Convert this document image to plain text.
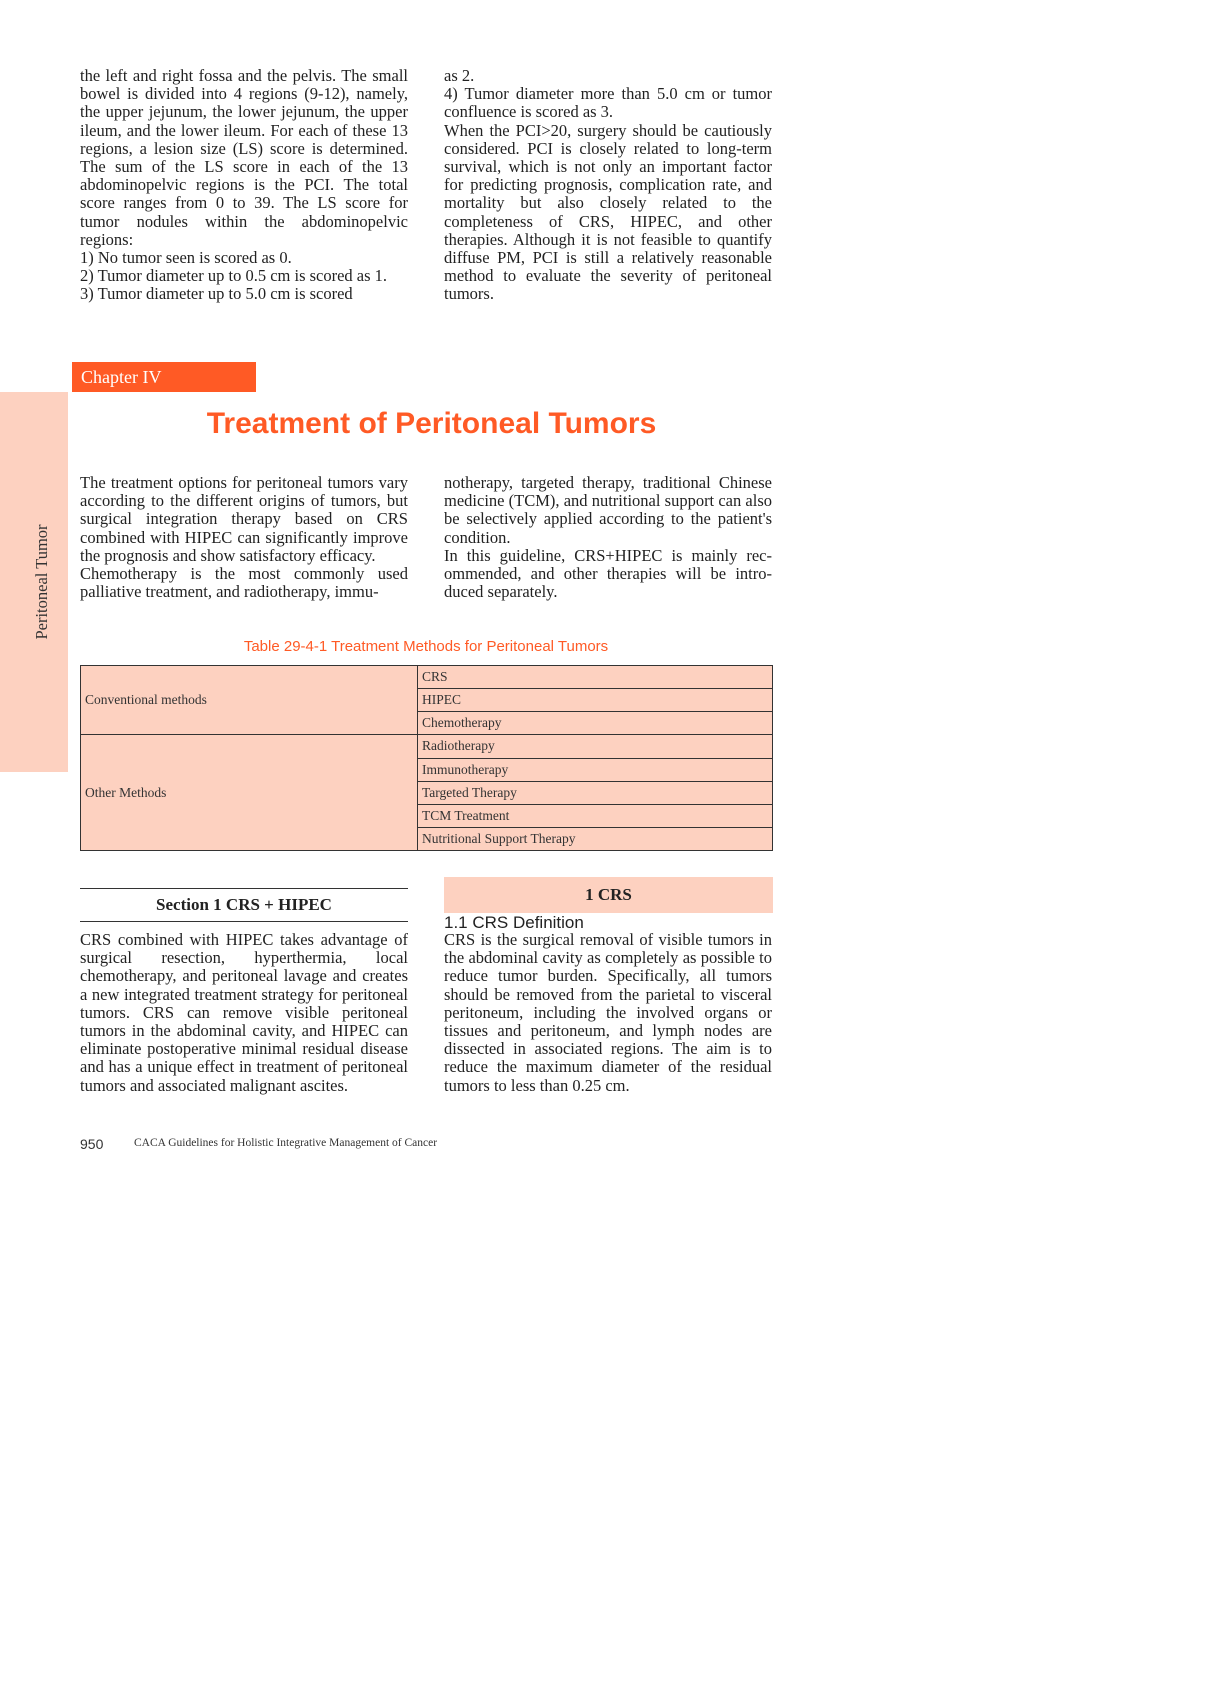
the left and right fossa and the pelvis. The small bowel is divided into 4 regions (9-12), namely, the upper jejunum, the lower jejunum, the upper ileum, and the lower ileum. For each of these 13 regions, a lesion size (LS) score is determined. The sum of the LS score in each of the 13 abdominopelvic regions is the PCI. The total score ranges from 0 to 39. The LS score for tumor nodules within the abdominopelvic regions:

1) No tumor seen is scored as 0.

2) Tumor diameter up to 0.5 cm is scored as 1.

3) Tumor diameter up to 5.0 cm is scored

as 2.

4) Tumor diameter more than 5.0 cm or tumor confluence is scored as 3.

When the PCI>20, surgery should be cautiously considered. PCI is closely related to long-term survival, which is not only an important factor for predicting prognosis, complication rate, and mortality but also closely related to the completeness of CRS, HIPEC, and other therapies. Although it is not feasible to quantify diffuse PM, PCI is still a relatively reasonable method to evaluate the severity of peritoneal tumors.

Peritoneal Tumor
Chapter IV
Treatment of Peritoneal Tumors

The treatment options for peritoneal tumors vary according to the different origins of tumors, but surgical integration therapy based on CRS combined with HIPEC can significantly improve the prognosis and show satisfactory efficacy.

Chemotherapy is the most commonly used palliative treatment, and radiotherapy, immu-

notherapy, targeted therapy, traditional Chinese medicine (TCM), and nutritional support can also be selectively applied according to the patient's condition.

In this guideline, CRS+HIPEC is mainly recommended, and other therapies will be introduced separately.

Table 29-4-1 Treatment Methods for Peritoneal Tumors
Conventional methods	CRS
	HIPEC
	Chemotherapy
Other Methods	Radiotherapy
	Immunotherapy
	Targeted Therapy
	TCM Treatment
	Nutritional Support Therapy
Section 1 CRS + HIPEC

CRS combined with HIPEC takes advantage of surgical resection, hyperthermia, local chemotherapy, and peritoneal lavage and creates a new integrated treatment strategy for peritoneal tumors. CRS can remove visible peritoneal tumors in the abdominal cavity, and HIPEC can eliminate postoperative minimal residual disease and has a unique effect in treatment of peritoneal tumors and associated malignant ascites.

1 CRS
1.1 CRS Definition

CRS is the surgical removal of visible tumors in the abdominal cavity as completely as possible to reduce tumor burden. Specifically, all tumors should be removed from the parietal to visceral peritoneum, including the involved organs or tissues and peritoneum, and lymph nodes are dissected in associated regions. The aim is to reduce the maximum diameter of the residual tumors to less than 0.25 cm.

950	CACA Guidelines for Holistic Integrative Management of Cancer
